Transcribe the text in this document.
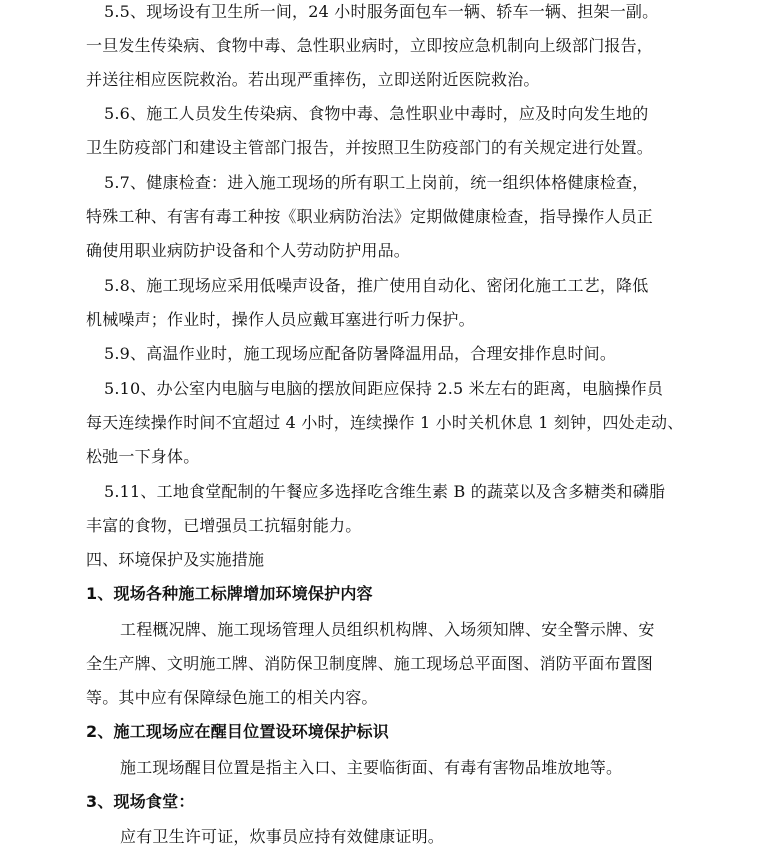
5.5、现场设有卫生所一间，24 小时服务面包车一辆、轿车一辆、担架一副。
一旦发生传染病、食物中毒、急性职业病时，立即按应急机制向上级部门报告，
并送往相应医院救治。若出现严重摔伤，立即送附近医院救治。
5.6、施工人员发生传染病、食物中毒、急性职业中毒时，应及时向发生地的
卫生防疫部门和建设主管部门报告，并按照卫生防疫部门的有关规定进行处置。
5.7、健康检查：进入施工现场的所有职工上岗前，统一组织体格健康检查，
特殊工种、有害有毒工种按《职业病防治法》定期做健康检查，指导操作人员正
确使用职业病防护设备和个人劳动防护用品。
5.8、施工现场应采用低噪声设备，推广使用自动化、密闭化施工工艺，降低
机械噪声；作业时，操作人员应戴耳塞进行听力保护。
5.9、高温作业时，施工现场应配备防暑降温用品，合理安排作息时间。
5.10、办公室内电脑与电脑的摆放间距应保持 2.5 米左右的距离，电脑操作员
每天连续操作时间不宜超过 4 小时，连续操作 1 小时关机休息 1 刻钟，四处走动、
松弛一下身体。
5.11、工地食堂配制的午餐应多选择吃含维生素 B 的蔬菜以及含多糖类和磷脂
丰富的食物，已增强员工抗辐射能力。
四、环境保护及实施措施
1、现场各种施工标牌增加环境保护内容
工程概况牌、施工现场管理人员组织机构牌、入场须知牌、安全警示牌、安
全生产牌、文明施工牌、消防保卫制度牌、施工现场总平面图、消防平面布置图
等。其中应有保障绿色施工的相关内容。
2、施工现场应在醒目位置设环境保护标识
施工现场醒目位置是指主入口、主要临街面、有毒有害物品堆放地等。
3、现场食堂：
应有卫生许可证，炊事员应持有效健康证明。
